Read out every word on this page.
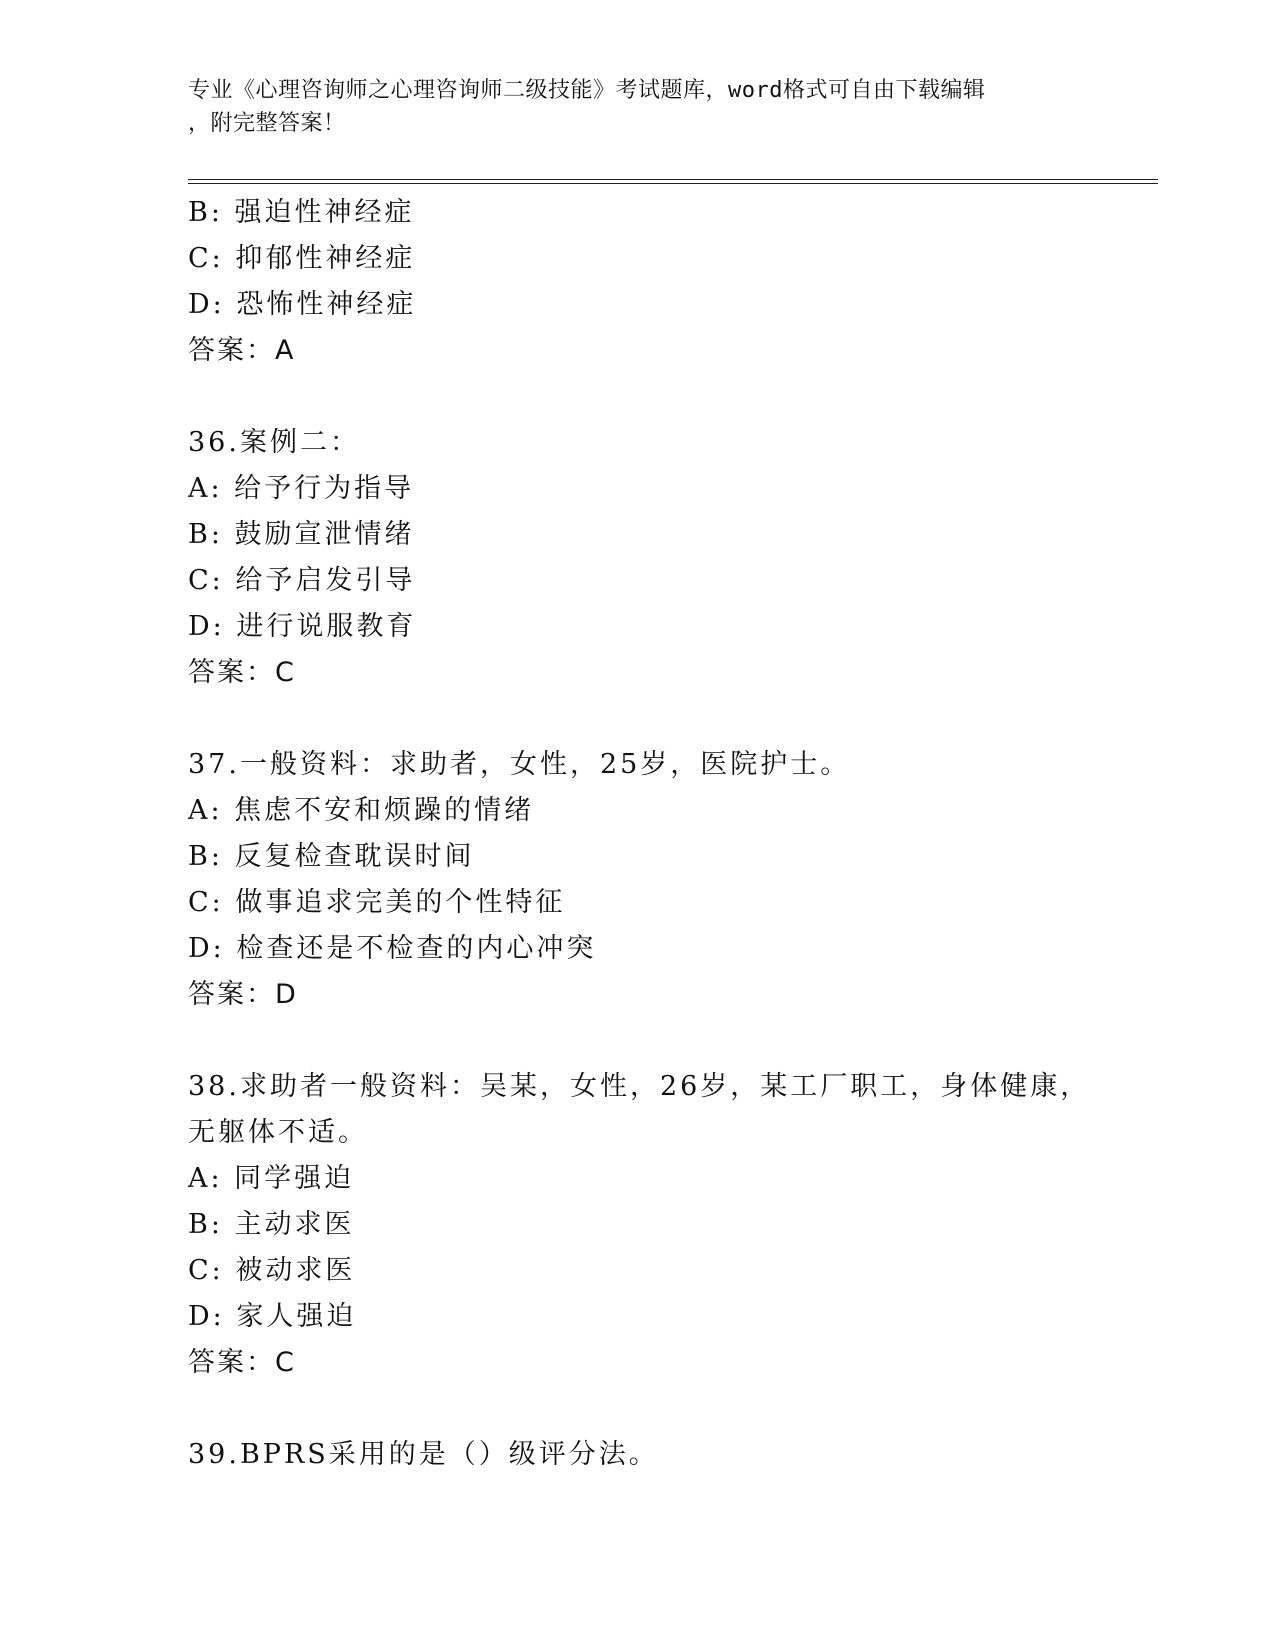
专业《心理咨询师之心理咨询师二级技能》考试题库，word格式可自由下载编辑
，附完整答案！
B: 强迫性神经症
C: 抑郁性神经症
D: 恐怖性神经症
答案：A
36.案例二：
A: 给予行为指导
B: 鼓励宣泄情绪
C: 给予启发引导
D: 进行说服教育
答案：C
37.一般资料：求助者，女性，25岁，医院护士。
A: 焦虑不安和烦躁的情绪
B: 反复检查耽误时间
C: 做事追求完美的个性特征
D: 检查还是不检查的内心冲突
答案：D
38.求助者一般资料：吴某，女性，26岁，某工厂职工，身体健康，无躯体不适。
A: 同学强迫
B: 主动求医
C: 被动求医
D: 家人强迫
答案：C
39.BPRS采用的是（）级评分法。
